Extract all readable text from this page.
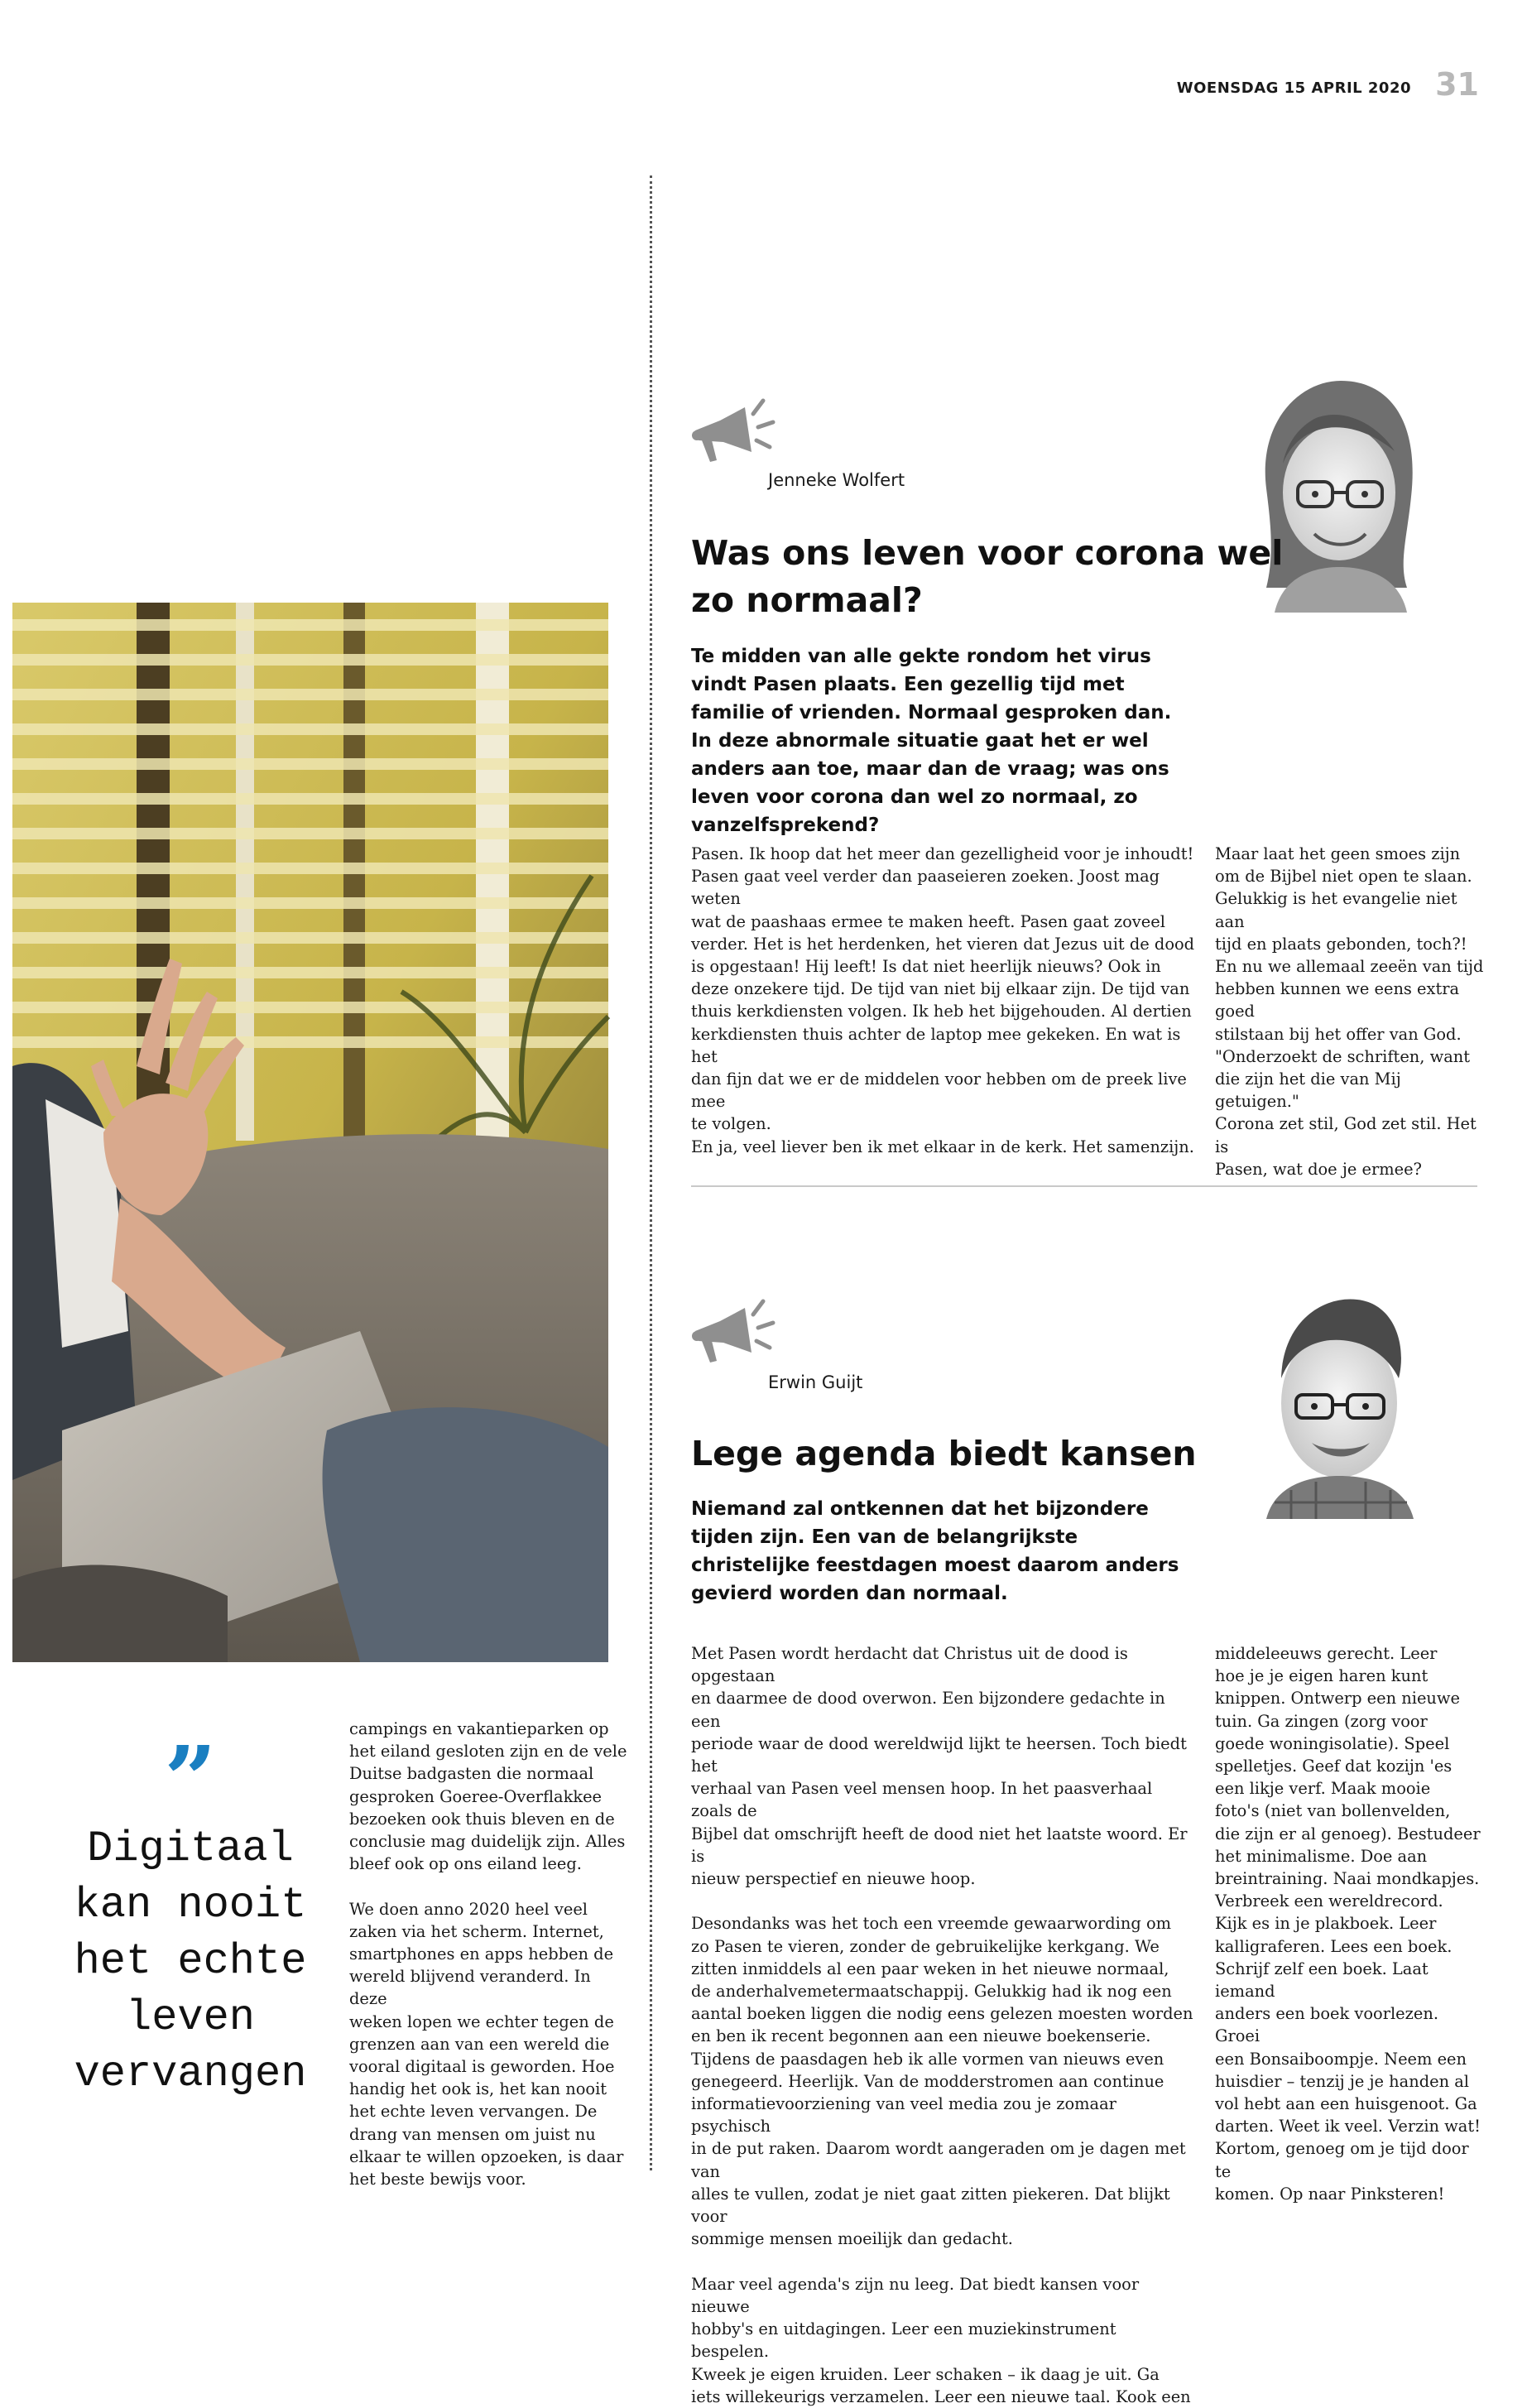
WOENSDAG 15 APRIL 2020 31
Jenneke Wolfert
Was ons leven voor corona wel zo normaal?
Te midden van alle gekte rondom het virus vindt Pasen plaats. Een gezellig tijd met familie of vrienden. Normaal gesproken dan. In deze abnormale situatie gaat het er wel anders aan toe, maar dan de vraag; was ons leven voor corona dan wel zo normaal, zo vanzelfsprekend?
Pasen. Ik hoop dat het meer dan gezelligheid voor je inhoudt!
Pasen gaat veel verder dan paaseieren zoeken. Joost mag weten
wat de paashaas ermee te maken heeft. Pasen gaat zoveel
verder. Het is het herdenken, het vieren dat Jezus uit de dood
is opgestaan! Hij leeft! Is dat niet heerlijk nieuws? Ook in
deze onzekere tijd. De tijd van niet bij elkaar zijn. De tijd van
thuis kerkdiensten volgen. Ik heb het bijgehouden. Al dertien
kerkdiensten thuis achter de laptop mee gekeken. En wat is het
dan fijn dat we er de middelen voor hebben om de preek live mee
te volgen.
En ja, veel liever ben ik met elkaar in de kerk. Het samenzijn.
Maar laat het geen smoes zijn
om de Bijbel niet open te slaan.
Gelukkig is het evangelie niet aan
tijd en plaats gebonden, toch?!
En nu we allemaal zeeën van tijd
hebben kunnen we eens extra goed
stilstaan bij het offer van God.
"Onderzoekt de schriften, want
die zijn het die van Mij getuigen."
Corona zet stil, God zet stil. Het is
Pasen, wat doe je ermee?
Erwin Guijt
Lege agenda biedt kansen
Niemand zal ontkennen dat het bijzondere tijden zijn. Een van de belangrijkste christelijke feestdagen moest daarom anders gevierd worden dan normaal.
Met Pasen wordt herdacht dat Christus uit de dood is opgestaan
en daarmee de dood overwon. Een bijzondere gedachte in een
periode waar de dood wereldwijd lijkt te heersen. Toch biedt het
verhaal van Pasen veel mensen hoop. In het paasverhaal zoals de
Bijbel dat omschrijft heeft de dood niet het laatste woord. Er is
nieuw perspectief en nieuwe hoop.

Desondanks was het toch een vreemde gewaarwording om
zo Pasen te vieren, zonder de gebruikelijke kerkgang. We
zitten inmiddels al een paar weken in het nieuwe normaal,
de anderhalvemetermaatschappij. Gelukkig had ik nog een
aantal boeken liggen die nodig eens gelezen moesten worden
en ben ik recent begonnen aan een nieuwe boekenserie.
Tijdens de paasdagen heb ik alle vormen van nieuws even
genegeerd. Heerlijk. Van de modderstromen aan continue
informatievoorziening van veel media zou je zomaar psychisch
in de put raken. Daarom wordt aangeraden om je dagen met van
alles te vullen, zodat je niet gaat zitten piekeren. Dat blijkt voor
sommige mensen moeilijk dan gedacht.

Maar veel agenda's zijn nu leeg. Dat biedt kansen voor nieuwe
hobby's en uitdagingen. Leer een muziekinstrument bespelen.
Kweek je eigen kruiden. Leer schaken – ik daag je uit. Ga
iets willekeurigs verzamelen. Leer een nieuwe taal. Kook een
middeleeuws gerecht. Leer
hoe je je eigen haren kunt
knippen. Ontwerp een nieuwe
tuin. Ga zingen (zorg voor
goede woningisolatie). Speel
spelletjes. Geef dat kozijn 'es
een likje verf. Maak mooie
foto's (niet van bollenvelden,
die zijn er al genoeg). Bestudeer
het minimalisme. Doe aan
breintraining. Naai mondkapjes.
Verbreek een wereldrecord.
Kijk es in je plakboek. Leer
kalligraferen. Lees een boek.
Schrijf zelf een boek. Laat iemand
anders een boek voorlezen. Groei
een Bonsaiboompje. Neem een
huisdier – tenzij je je handen al
vol hebt aan een huisgenoot. Ga
darten. Weet ik veel. Verzin wat!
Kortom, genoeg om je tijd door te
komen. Op naar Pinksteren!
campings en vakantieparken op
het eiland gesloten zijn en de vele
Duitse badgasten die normaal
gesproken Goeree-Overflakkee
bezoeken ook thuis bleven en de
conclusie mag duidelijk zijn. Alles
bleef ook op ons eiland leeg.

We doen anno 2020 heel veel
zaken via het scherm. Internet,
smartphones en apps hebben de
wereld blijvend veranderd. In deze
weken lopen we echter tegen de
grenzen aan van een wereld die
vooral digitaal is geworden. Hoe
handig het ook is, het kan nooit
het echte leven vervangen. De
drang van mensen om juist nu
elkaar te willen opzoeken, is daar
het beste bewijs voor.
”
Digitaal kan nooit het echte leven vervangen
